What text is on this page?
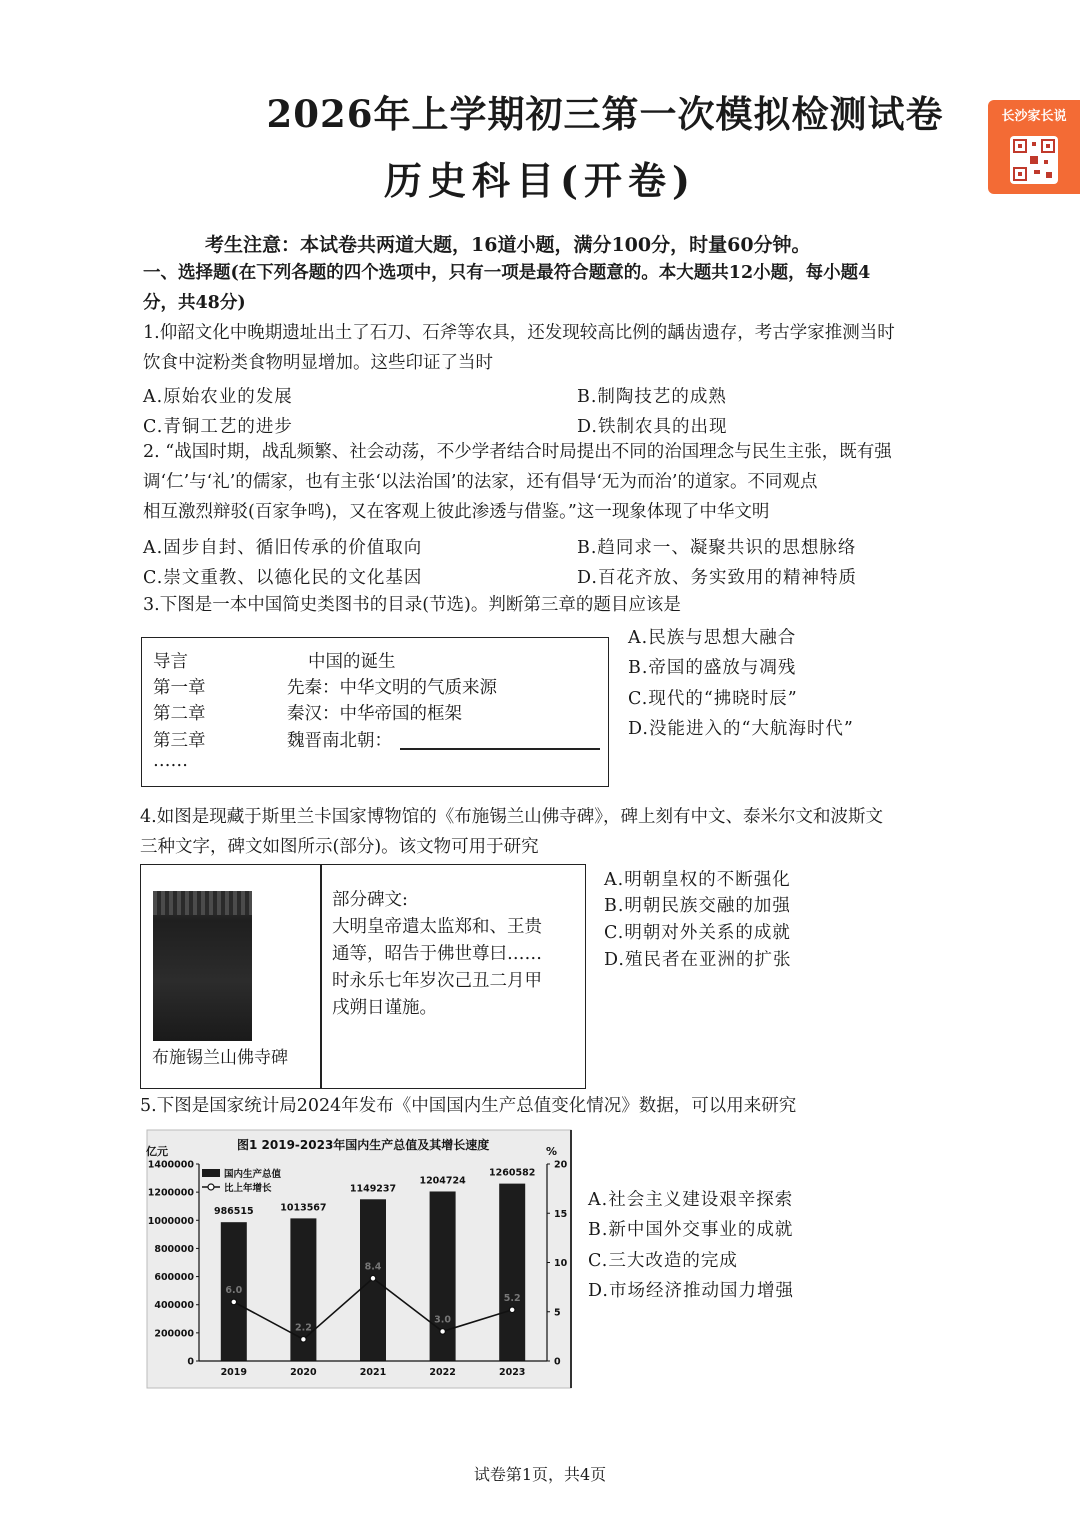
2026年上学期初三第一次模拟检测试卷
历史科目(开卷)
长沙家长说
考生注意：本试卷共两道大题，16道小题，满分100分，时量60分钟。
一、选择题(在下列各题的四个选项中，只有一项是最符合题意的。本大题共12小题，每小题4
分，共48分)
1.仰韶文化中晚期遗址出土了石刀、石斧等农具，还发现较高比例的龋齿遗存，考古学家推测当时
饮食中淀粉类食物明显增加。这些印证了当时
A.原始农业的发展	B.制陶技艺的成熟
C.青铜工艺的进步	D.铁制农具的出现
2. “战国时期，战乱频繁、社会动荡，不少学者结合时局提出不同的治国理念与民生主张，既有强
调‘仁’与‘礼’的儒家，也有主张‘以法治国’的法家，还有倡导‘无为而治’的道家。不同观点
相互激烈辩驳(百家争鸣)，又在客观上彼此渗透与借鉴。”这一现象体现了中华文明
A.固步自封、循旧传承的价值取向	B.趋同求一、凝聚共识的思想脉络
C.崇文重教、以德化民的文化基因	D.百花齐放、务实致用的精神特质
3.下图是一本中国简史类图书的目录(节选)。判断第三章的题目应该是
导言	中国的诞生
第一章	先秦：中华文明的气质来源
第二章	秦汉：中华帝国的框架
第三章	魏晋南北朝：
……
A.民族与思想大融合
B.帝国的盛放与凋残
C.现代的“拂晓时辰”
D.没能进入的“大航海时代”
4.如图是现藏于斯里兰卡国家博物馆的《布施锡兰山佛寺碑》，碑上刻有中文、泰米尔文和波斯文
三种文字，碑文如图所示(部分)。该文物可用于研究
布施锡兰山佛寺碑
部分碑文:
大明皇帝遣太监郑和、王贵
通等，昭告于佛世尊曰……
时永乐七年岁次己丑二月甲
戌朔日谨施。
A.明朝皇权的不断强化
B.明朝民族交融的加强
C.明朝对外关系的成就
D.殖民者在亚洲的扩张
5.下图是国家统计局2024年发布《中国国内生产总值变化情况》数据，可以用来研究
图1 2019-2023年国内生产总值及其增长速度
亿元	%
986515
2019
1013567
2020
1149237
2021
1204724
2022
1260582
2023
6.0
2.2
8.4
3.0
5.2
0
200000
400000
600000
800000
1000000
1200000
1400000
0
5
10
15
20
国内生产总值
比上年增长
A.社会主义建设艰辛探索
B.新中国外交事业的成就
C.三大改造的完成
D.市场经济推动国力增强
试卷第1页，共4页
